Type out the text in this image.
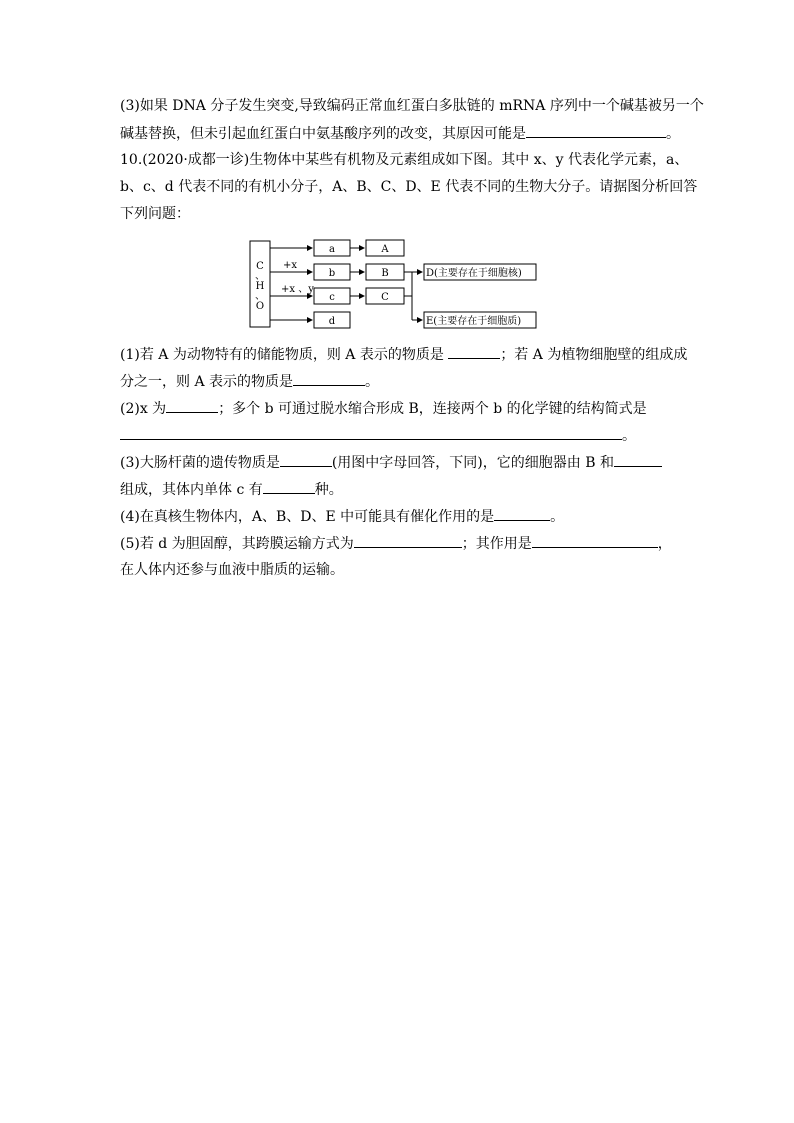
(3)如果 DNA 分子发生突变,导致编码正常血红蛋白多肽链的 mRNA 序列中一个碱基被另一个
碱基替换，但未引起血红蛋白中氨基酸序列的改变，其原因可能是	。
10.(2020·成都一诊)生物体中某些有机物及元素组成如下图。其中 x、y 代表化学元素，a、
b、c、d 代表不同的有机小分子，A、B、C、D、E 代表不同的生物大分子。请据图分析回答
下列问题：
C
、
H
、
O
+x
+x 、y
a
b
c
d
A
B
C
D(主要存在于细胞核)
E(主要存在于细胞质)
(1)若 A 为动物特有的储能物质，则 A 表示的物质是	；若 A 为植物细胞壁的组成成
分之一，则 A 表示的物质是	。
(2)x 为	；多个 b 可通过脱水缩合形成 B，连接两个 b 的化学键的结构简式是
。
(3)大肠杆菌的遗传物质是	(用图中字母回答，下同)，它的细胞器由 B 和
组成，其体内单体 c 有	种。
(4)在真核生物体内，A、B、D、E 中可能具有催化作用的是	。
(5)若 d 为胆固醇，其跨膜运输方式为	；其作用是	，
在人体内还参与血液中脂质的运输。
